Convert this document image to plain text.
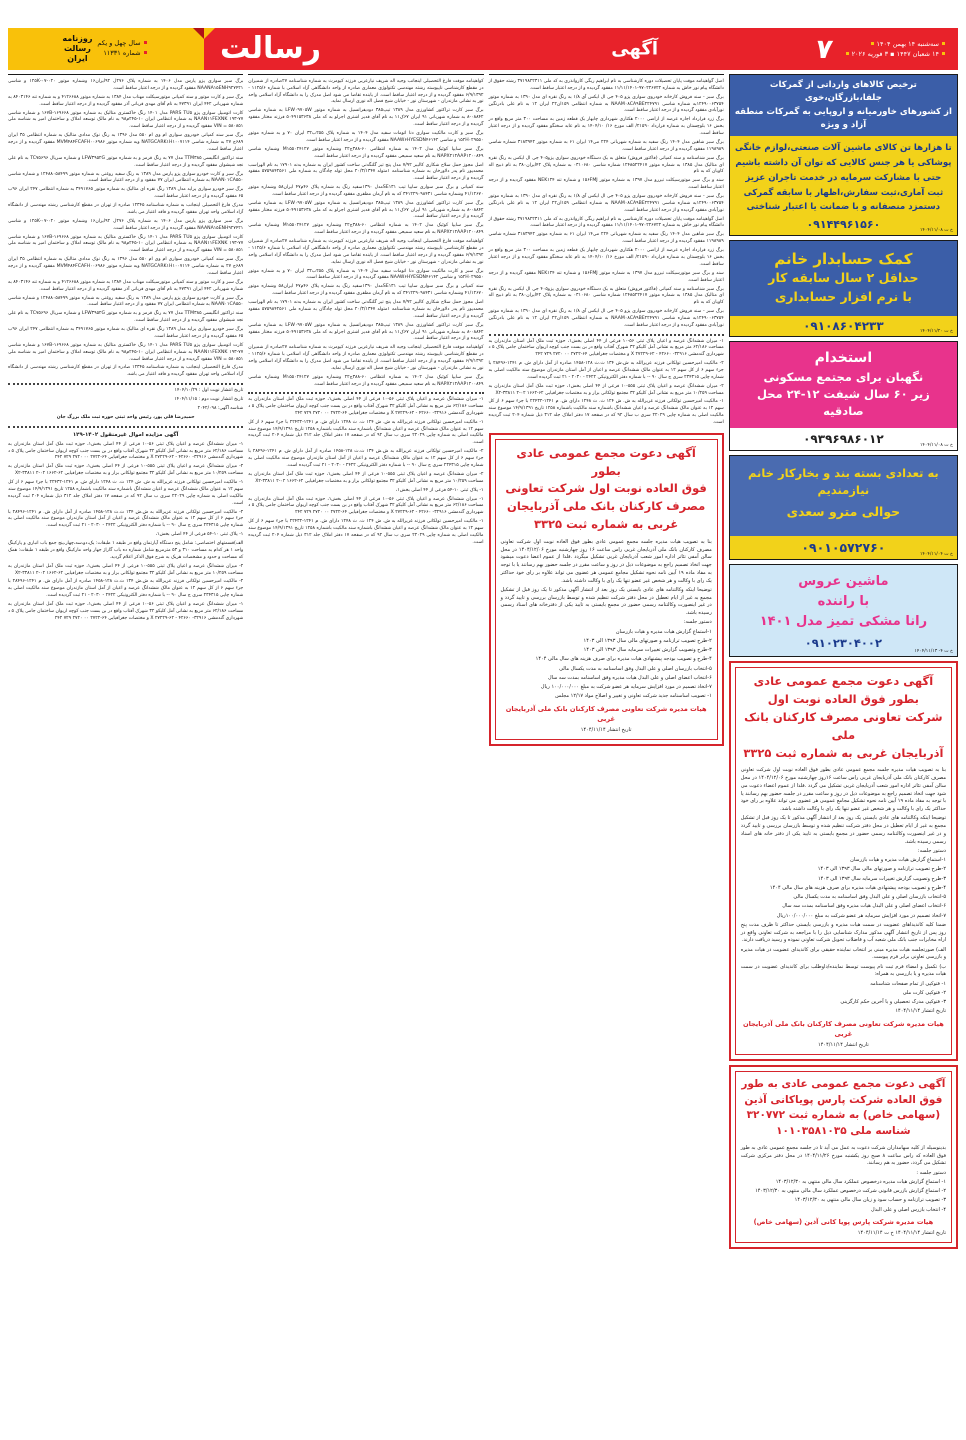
روزنامه
رسالت
ایران
سال چهل و یکم
شماره ۱۱۳۳۱	۷	سه‌شنبه ۱۴ بهمن ۱۴۰۴
۱۴ شعبان ۱۴۴۷ ▪ ۳ فوریه ۲۰۲۶
آگهی
رسالت
برگ سبز سواری پژو پارس مدل ۱۴۰۶ به شماره پلاک ۲۷۶ل ۹۲ایران۱۶ وشماره موتور ۰۲۰-۰۷-۱۲۵K و شاسی NAANA۱۵ENH۹۲۷۴۲۱ مفقود گردیده و از درجه اعتبار ساقط است.
برگ سبز و کارت موتور و سند کمپانی موتورسیکلت مهناب مدل ۱۳۸۴ به شماره موتور ۴۱۲۶۶۸۸ و به شماره تنه ۸۴۰۳۱۴۶ به شماره شهربانی ۴۴۲ ایران ۴۷۳۹۱ به نام آقای مهدی قربانی آذر مفقود گردیده و از درجه اعتبار ساقط است.
کارت اتومبیل سواری پژو PARS TU۵ مدل ۱۴۰۱ رنگ خاکستری متالیک به شماره موتور ۱۶۷B-۱۶۹۶۶۸ و شماره شاسی NAAN۱۱FEXNK ۱۹۳-۷۷ به شماره انتظامی ایران ۱۰-۲۴۵م۹۸ به نام مالک توسعه املاک و ساختمان امیر به شناسه ملی ۵۸۰۸۵۱ = VIN مفقود گردیده و از درجه اعتبار ساقط است.
برگ سبز سند کمپانی خودروی سواری ام وی ام ۵۵۰ مدل ۱۳۹۶ به رنگ نوک مدادی متالیک به شماره انتظامی ۳۵ ایران ۶۸۹ج ۲۷ به شماره شاسی NATGCARK۱H۱۰۰۷۱۱۴ وبه شماره موتور MVM۴۸۴FCAFH۰۰۶۹۸۶ مفقود گردیده و از درجه اعتبار ساقط است.
سند تراکتور انگلیسی TTM۳۸۵ مدل ۷۷ به رنگ قرمز و به شماره موتور LFW۳۹۵۲G و شماره سریال TC۷۵۶۹۶ به نام علی نجد شیشوان مفقود گردیده و از درجه اعتبار ساقط است.
برگ سبز و کارت خودرو سواری پژو پارس مدل ۱۳۸۹ به رنگ سفید روغنی به شماره موتور ۱۲۴۸۸۰۵۸۴۹۹ و شماره شاسی NAAN۰۱CA۵۵۰ به شماره انتظامی ایران ۷۷ مفقود و از درجه اعتبار ساقط است.
برگ سبز خودرو سواری پراید مدل ۱۳۸۹ رنگ نقره ای متالیک به شماره موتور ۳۴۹۱۷۶۵ به شماره انتظامی ۲۴۷ ایران ۹۶ب ۶۵ مفقود گردیده و از درجه اعتبار ساقط است.
مدرک فارغ التحصیلی اینجانب به شماره شناسنامه ۱۲۳۴۵ صادره از تهران در مقطع کارشناسی رشته مهندسی از دانشگاه آزاد اسلامی واحد تهران مفقود گردیده و فاقد اعتبار می باشد.
برگ سبز سواری پژو پارس مدل ۱۴۰۶ به شماره پلاک ۲۷۶ل ۹۲ایران۱۶ وشماره موتور ۰۲۰-۰۷-۱۲۵K و شاسی NAANA۱۵ENH۹۲۷۴۲۱ مفقود گردیده و از درجه اعتبار ساقط است.
کارت اتومبیل سواری پژو PARS TU۵ مدل ۱۴۰۱ رنگ خاکستری متالیک به شماره موتور ۱۶۷B-۱۶۹۶۶۸ و شماره شاسی NAAN۱۱FEXNK ۱۹۳-۷۷ به شماره انتظامی ایران ۱۰-۲۴۵م۹۸ به نام مالک توسعه املاک و ساختمان امیر به شناسه ملی ۵۸۰۸۵۱ = VIN مفقود گردیده و از درجه اعتبار ساقط است.
برگ سبز سند کمپانی خودروی سواری ام وی ام ۵۵۰ مدل ۱۳۹۶ به رنگ نوک مدادی متالیک به شماره انتظامی ۳۵ ایران ۶۸۹ج ۲۷ به شماره شاسی NATGCARK۱H۱۰۰۷۱۱۴ وبه شماره موتور MVM۴۸۴FCAFH۰۰۶۹۸۶ مفقود گردیده و از درجه اعتبار ساقط است.
برگ سبز و کارت موتور و سند کمپانی موتورسیکلت مهناب مدل ۱۳۸۴ به شماره موتور ۴۱۲۶۶۸۸ و به شماره تنه ۸۴۰۳۱۴۶ به شماره شهربانی ۴۴۲ ایران ۴۷۳۹۱ به نام آقای مهدی قربانی آذر مفقود گردیده و از درجه اعتبار ساقط است.
برگ سبز و کارت خودرو سواری پژو پارس مدل ۱۳۸۹ به رنگ سفید روغنی به شماره موتور ۱۲۴۸۸۰۵۸۴۹۹ و شماره شاسی NAAN۰۱CA۵۵۰ به شماره انتظامی ایران ۷۷ مفقود و از درجه اعتبار ساقط است.
سند تراکتور انگلیسی TTM۳۸۵ مدل ۷۷ به رنگ قرمز و به شماره موتور LFW۳۹۵۲G و شماره سریال TC۷۵۶۹۶ به نام علی نجد شیشوان مفقود گردیده و از درجه اعتبار ساقط است.
برگ سبز خودرو سواری پراید مدل ۱۳۸۹ رنگ نقره ای متالیک به شماره موتور ۳۴۹۱۷۶۵ به شماره انتظامی ۲۴۷ ایران ۹۶ب ۶۵ مفقود گردیده و از درجه اعتبار ساقط است.
کارت اتومبیل سواری پژو PARS TU۵ مدل ۱۴۰۱ رنگ خاکستری متالیک به شماره موتور ۱۶۷B-۱۶۹۶۶۸ و شماره شاسی NAAN۱۱FEXNK ۱۹۳-۷۷ به شماره انتظامی ایران ۱۰-۲۴۵م۹۸ به نام مالک توسعه املاک و ساختمان امیر به شناسه ملی ۵۸۰۸۵۱ = VIN مفقود گردیده و از درجه اعتبار ساقط است.
مدرک فارغ التحصیلی اینجانب به شماره شناسنامه ۱۲۳۴۵ صادره از تهران در مقطع کارشناسی رشته مهندسی از دانشگاه آزاد اسلامی واحد تهران مفقود گردیده و فاقد اعتبار می باشد.
تاریخ انتشار نوبت اول : ۱۴۰۴/۱۰/۲۹
تاریخ انتشار نوبت دوم : ۱۴۰۴/۱۱/۱۵
شناسه آگهی: ۲۰۴۲/۰۹۸
حمیدرضا قلی پور، رئیس واحد ثبتی حوزه ثبت ملک بزرگ جان
آگهی مزایده اموال غیرمنقول ۱۴۰۲-۱۲۹
۱- میزان ششدانگ عرصه و اعیان پلاک ثبتی ۵۶-۱۰ فرعی از ۴۴ اصلی بخش۱، حوزه ثبت ملک آمل استان مازندران به مساحت ۶۲/۱۸۶ متر مربع به نشانی آمل کلیکو ۳۲ شهرک آفتاب واقع در بن بست جنب کوچه اریوان ساختمان جامی پلاک ۵ د شهرداری گندمشی ۳۲۹۱۶- ۴۲۶۶۰ - ۶۲-۲۷۲۲۹ X و مختصات جغرافیایی ۶۴-۲۷۲۲ ۰۰ ۲۷۲۰ ۷۲۹ ۲۴۲
۲- میزان ششدانگ عرصه و اعیان پلاک ثبتی ۵۵۵-۱۰ فرعی از ۴۴ اصلی بخش۱، حوزه ثبت ملک آمل استان مازندران به مساحت ۱۰/۲۵۹ متر مربع به نشانی آمل کلیکو ۳۲ مجتمع تولکانی بزار و به مختصات جغرافیایی ۶۲-۱۶۶۲ X۲-۳۳۸۱۱ ۲-۰۲
۱- مالکیت امیرحسین تولکانی فرزند غزیرالله به ش. ش ۱۲۴ ث. ث ۱۲۴۸ دارای ش. م ۱۲۴۱-۲۲۴۳۲ با جزء سهم ۶ از کل سهم ۱۲ به عنوان مالک ششدانگ عرصه و اعیان ششدانگ باشماره سند مالکیت باشماره ۱۲۵۸ تاریخ ۱۴/۹/۱۳۹۱ موضوع سند مالکیت اصلی به شماره چاپی ۲۲۰۲۹ سری ب سال ۹۲ که در صفحه ۱۷ دفتر املاک جلد ۳۱۲ ذیل شماره ۲۰۴ ثبت گردیده است.
۲- مالکیت امیرحسین تولکانی فرزند عزیزالله به ش.ش ۱۳۴ ث.ث ۱۲۸-۱۴۵۸ صادره از آمل دارای ش. م ۱۲۴۱-۲۸۴۹۶ با جزء سهم ۶ از کل سهم ۱۲ به عنوان مالک ششدانگ عرصه و اعیان از آمل استان مازندران موضوع سند مالکیت اصلی به شماره چاپی ۲۳۴۳۱۵ سری ج سال ۹۰ -- با شماره دفتر الکترونیکی ۲۴۲۲ - ۲۰۳۰ - ۲۱ ثبت گردیده است.
۱- پلاک ثبتی ۱۰-۵۴ فرعی از ۴۴ اصلی بخش۱،
الف)قسمتهای اختصاصی: شامل پنج دستگاه آپارتمان واقع در طبقه ۱ طبقات: یک،دو،سه،چهار،پنج جمع باب انباری و پارکینگ واحد ۱ هر کدام به مساحت ۳۱۰ و ۵۳ مترمربع شامل شماره ده باب گاراژ جهار واحد مارکینگ واقع در طبقه ۱ طبقات: همک که مساحت و حدود و مشخصات هریک به شرح فوق الذکر اعلام گردید.
۲- میزان ششدانگ عرصه و اعیان پلاک ثبتی ۵۵۵-۱۰ فرعی از ۴۴ اصلی بخش۱، حوزه ثبت ملک آمل استان مازندران به مساحت ۱۰/۲۵۹ متر مربع به نشانی آمل کلیکو ۳۲ مجتمع تولکانی بزار و به مختصات جغرافیایی ۶۲-۱۶۶۲ X۲-۳۳۸۱۱ ۲-۰۲
۲- مالکیت امیرحسین تولکانی فرزند عزیزالله به ش.ش ۱۳۴ ث.ث ۱۲۸-۱۴۵۸ صادره از آمل دارای ش. م ۱۲۴۱-۲۸۴۹۶ با جزء سهم ۶ از کل سهم ۱۲ به عنوان مالک ششدانگ عرصه و اعیان از آمل استان مازندران موضوع سند مالکیت اصلی به شماره چاپی ۲۳۴۳۱۵ سری ج سال ۹۰ -- با شماره دفتر الکترونیکی ۲۴۲۲ - ۲۰۳۰ - ۲۱ ثبت گردیده است.
۱- میزان ششدانگ عرصه و اعیان پلاک ثبتی ۵۶-۱۰ فرعی از ۴۴ اصلی بخش۱، حوزه ثبت ملک آمل استان مازندران به مساحت ۶۲/۱۸۶ متر مربع به نشانی آمل کلیکو ۳۲ شهرک آفتاب واقع در بن بست جنب کوچه اریوان ساختمان جامی پلاک ۵ د شهرداری گندمشی ۳۲۹۱۶- ۴۲۶۶۰ - ۶۲-۲۷۲۲۹ X و مختصات جغرافیایی ۶۴-۲۷۲۲ ۰۰ ۲۷۲۰ ۷۲۹ ۲۴۲
کواهینامه موقت فارغ التحصیلی اینجانب وجیه اله شریف نیارعربی فرزند کیومرث به شماره شناسنامه ۲۷صادره از شمیران در مقطع کارشناسی ناپیوسته رشته مهندسی تکنولوژی معماری صادره از واحد دانشگاهی آزاد اسلامی با شماره ۱۱۲۵/۶ - ۶/۹/۱۳۹۲ مفقود گردیده و از درجه اعتبار ساقط است. از یابنده تقاضا می شود اصل مدرک را به دانشگاه آزاد اسلامی واحد نور به نشانی مازندران - شهرستان نور - خیابان شیخ فضل اله نوری ارسال نماید.
برگ سبز کارت تراکتور کشاورزی مدل ۱۳۸۹ تیپ۳۸۵ دودیفرانسیل به شماره موتور LFW۰۹۷۰۵W به شماره شاسی ۰۸۸۴۲-۸ به شماره شهربانی ۹۱ ایران ۶۷ک۱۱ به نام آقای قدیر اشتری اجرلو به کد ملی ۵۰۴۹۱۵۳۶۳۸ فرزند مختار مفقود گردیده و از درجه اعتبار ساقط است.
برگ سبز و کارت مالکیت سواری دنا اتومات سفید مدل ۱۴۰۴ به شماره پلاک ۲۵۵ب۳۲ ایران ۷۰ و به شماره موتور ۱۵۲H۰۲۹۵۵۰ و شاسی NAAW۶HYESDN۴۶۱۴۲ مفقود گردیده و از درجه اعتبار ساقط است.
برگ سبز سایپا کوئیک مدل ۱۴۰۲ به شماره انتظامی ۶۰-۳۸۸ج۲۲ وشماره موتور M۱۵۵۰۲۴۱۲۷ وشماره شاسی NAPX۲۱۲AAP۱۲۰۰۸۴۹ به نام سعید سمیعی مفقود گردیده و از درجه اعتبار ساقط است.
اصل مجوز حمل سلاح شکاری کالیبر ۷/۹۲ مدل پنج تیر گلنگدنی ساخت کشور ایران به شماره بدنه ۱۷۹۰۱ به نام الهراسب محمدپور نام پدر دلاورخان به شماره شناسنامه ۱متولد ۲۰/۳/۱۳۴۷ محل تولد چادگان به شماره ملی ۵۷۵۹۸۴۲۵۶۱ مفقود گردیده و از درجه اعتبار ساقط است.
سند کمپانی و برگ سبز سواری سایپا تیب SE۱۳۱مدل ۱۳۹۰سفید رنگ به شماره پلاک ۴۶م۴۷ ایران۵۸ وشماره موتور ۴۱/۱۲۶۷۰ وشماره شاسی ۳۴۱۲۲۹۰۹۸۴۳۱ که به نام آرمان مظفری مفقود گردیده و از درجه اعتبار ساقط است.
برگ سبز کارت تراکتور کشاورزی مدل ۱۳۸۹ تیپ۳۸۵ دودیفرانسیل به شماره موتور LFW۰۹۷۰۵W به شماره شاسی ۰۸۸۴۲-۸ به شماره شهربانی ۹۱ ایران ۶۷ک۱۱ به نام آقای قدیر اشتری اجرلو به کد ملی ۵۰۴۹۱۵۳۶۳۸ فرزند مختار مفقود گردیده و از درجه اعتبار ساقط است.
برگ سبز سایپا کوئیک مدل ۱۴۰۲ به شماره انتظامی ۶۰-۳۸۸ج۲۲ وشماره موتور M۱۵۵۰۲۴۱۲۷ وشماره شاسی NAPX۲۱۲AAP۱۲۰۰۸۴۹ به نام سعید سمیعی مفقود گردیده و از درجه اعتبار ساقط است.
کواهینامه موقت فارغ التحصیلی اینجانب وجیه اله شریف نیارعربی فرزند کیومرث به شماره شناسنامه ۲۷صادره از شمیران در مقطع کارشناسی ناپیوسته رشته مهندسی تکنولوژی معماری صادره از واحد دانشگاهی آزاد اسلامی با شماره ۱۱۲۵/۶ - ۶/۹/۱۳۹۲ مفقود گردیده و از درجه اعتبار ساقط است. از یابنده تقاضا می شود اصل مدرک را به دانشگاه آزاد اسلامی واحد نور به نشانی مازندران - شهرستان نور - خیابان شیخ فضل اله نوری ارسال نماید.
برگ سبز و کارت مالکیت سواری دنا اتومات سفید مدل ۱۴۰۴ به شماره پلاک ۲۵۵ب۳۲ ایران ۷۰ و به شماره موتور ۱۵۲H۰۲۹۵۵۰ و شاسی NAAW۶HYESDN۴۶۱۴۲ مفقود گردیده و از درجه اعتبار ساقط است.
سند کمپانی و برگ سبز سواری سایپا تیب SE۱۳۱مدل ۱۳۹۰سفید رنگ به شماره پلاک ۴۶م۴۷ ایران۵۸ وشماره موتور ۴۱/۱۲۶۷۰ وشماره شاسی ۳۴۱۲۲۹۰۹۸۴۳۱ که به نام آرمان مظفری مفقود گردیده و از درجه اعتبار ساقط است.
اصل مجوز حمل سلاح شکاری کالیبر ۷/۹۲ مدل پنج تیر گلنگدنی ساخت کشور ایران به شماره بدنه ۱۷۹۰۱ به نام الهراسب محمدپور نام پدر دلاورخان به شماره شناسنامه ۱متولد ۲۰/۳/۱۳۴۷ محل تولد چادگان به شماره ملی ۵۷۵۹۸۴۲۵۶۱ مفقود گردیده و از درجه اعتبار ساقط است.
برگ سبز کارت تراکتور کشاورزی مدل ۱۳۸۹ تیپ۳۸۵ دودیفرانسیل به شماره موتور LFW۰۹۷۰۵W به شماره شاسی ۰۸۸۴۲-۸ به شماره شهربانی ۹۱ ایران ۶۷ک۱۱ به نام آقای قدیر اشتری اجرلو به کد ملی ۵۰۴۹۱۵۳۶۳۸ فرزند مختار مفقود گردیده و از درجه اعتبار ساقط است.
کواهینامه موقت فارغ التحصیلی اینجانب وجیه اله شریف نیارعربی فرزند کیومرث به شماره شناسنامه ۲۷صادره از شمیران در مقطع کارشناسی ناپیوسته رشته مهندسی تکنولوژی معماری صادره از واحد دانشگاهی آزاد اسلامی با شماره ۱۱۲۵/۶ - ۶/۹/۱۳۹۲ مفقود گردیده و از درجه اعتبار ساقط است. از یابنده تقاضا می شود اصل مدرک را به دانشگاه آزاد اسلامی واحد نور به نشانی مازندران - شهرستان نور - خیابان شیخ فضل اله نوری ارسال نماید.
برگ سبز سایپا کوئیک مدل ۱۴۰۲ به شماره انتظامی ۶۰-۳۸۸ج۲۲ وشماره موتور M۱۵۵۰۲۴۱۲۷ وشماره شاسی NAPX۲۱۲AAP۱۲۰۰۸۴۹ به نام سعید سمیعی مفقود گردیده و از درجه اعتبار ساقط است.
۱- میزان ششدانگ عرصه و اعیان پلاک ثبتی ۵۶-۱۰ فرعی از ۴۴ اصلی بخش۱، حوزه ثبت ملک آمل استان مازندران به مساحت ۶۲/۱۸۶ متر مربع به نشانی آمل کلیکو ۳۲ شهرک آفتاب واقع در بن بست جنب کوچه اریوان ساختمان جامی پلاک ۵ د شهرداری گندمشی ۳۲۹۱۶- ۴۲۶۶۰ - ۶۲-۲۷۲۲۹ X و مختصات جغرافیایی ۶۴-۲۷۲۲ ۰۰ ۲۷۲۰ ۷۲۹ ۲۴۲
۱- مالکیت امیرحسین تولکانی فرزند غزیرالله به ش. ش ۱۲۴ ث. ث ۱۲۴۸ دارای ش. م ۱۲۴۱-۲۲۴۳۲ با جزء سهم ۶ از کل سهم ۱۲ به عنوان مالک ششدانگ عرصه و اعیان ششدانگ باشماره سند مالکیت باشماره ۱۲۵۸ تاریخ ۱۴/۹/۱۳۹۱ موضوع سند مالکیت اصلی به شماره چاپی ۲۲۰۲۹ سری ب سال ۹۲ که در صفحه ۱۷ دفتر املاک جلد ۳۱۲ ذیل شماره ۲۰۴ ثبت گردیده است.
۲- مالکیت امیرحسین تولکانی فرزند عزیزالله به ش.ش ۱۳۴ ث.ث ۱۲۸-۱۴۵۸ صادره از آمل دارای ش. م ۱۲۴۱-۲۸۴۹۶ با جزء سهم ۶ از کل سهم ۱۲ به عنوان مالک ششدانگ عرصه و اعیان از آمل استان مازندران موضوع سند مالکیت اصلی به شماره چاپی ۲۳۴۳۱۵ سری ج سال ۹۰ -- با شماره دفتر الکترونیکی ۲۴۲۲ - ۲۰۳۰ - ۲۱ ثبت گردیده است.
۲- میزان ششدانگ عرصه و اعیان پلاک ثبتی ۵۵۵-۱۰ فرعی از ۴۴ اصلی بخش۱، حوزه ثبت ملک آمل استان مازندران به مساحت ۱۰/۲۵۹ متر مربع به نشانی آمل کلیکو ۳۲ مجتمع تولکانی بزار و به مختصات جغرافیایی ۶۲-۱۶۶۲ X۲-۳۳۸۱۱ ۲-۰۲
۱- پلاک ثبتی ۱۰-۵۴ فرعی از ۴۴ اصلی بخش۱،
۱- میزان ششدانگ عرصه و اعیان پلاک ثبتی ۵۶-۱۰ فرعی از ۴۴ اصلی بخش۱، حوزه ثبت ملک آمل استان مازندران به مساحت ۶۲/۱۸۶ متر مربع به نشانی آمل کلیکو ۳۲ شهرک آفتاب واقع در بن بست جنب کوچه اریوان ساختمان جامی پلاک ۵ د شهرداری گندمشی ۳۲۹۱۶- ۴۲۶۶۰ - ۶۲-۲۷۲۲۹ X و مختصات جغرافیایی ۶۴-۲۷۲۲ ۰۰ ۲۷۲۰ ۷۲۹ ۲۴۲
۱- مالکیت امیرحسین تولکانی فرزند غزیرالله به ش. ش ۱۲۴ ث. ث ۱۲۴۸ دارای ش. م ۱۲۴۱-۲۲۴۳۲ با جزء سهم ۶ از کل سهم ۱۲ به عنوان مالک ششدانگ عرصه و اعیان ششدانگ باشماره سند مالکیت باشماره ۱۲۵۸ تاریخ ۱۴/۹/۱۳۹۱ موضوع سند مالکیت اصلی به شماره چاپی ۲۲۰۲۹ سری ب سال ۹۲ که در صفحه ۱۷ دفتر املاک جلد ۳۱۲ ذیل شماره ۲۰۴ ثبت گردیده است.
اصل گواهینامه موقت پایان تحصیلات دوره کارشناسی به نام ابراهیم ریگی کاروانذری به کد ملی ۳۷۱۹۸۲۲۳۱۱ رشته حقوق از دانشگاه پیام نور خاش به شماره ۹۷۰۲۲۶۷۲۲-۱۱/۱۱/۱۴۰۱ مفقود گردیده و از درجه اعتبار ساقط است.
برگ سبز - سند فروش کارخانه خودروی سواری پژو ۴۰۵ جی ال ایکس آی ۱/۸ به رنگ نقره ای مدل ۱۳۹۰ به شماره موتور ۱۲۴۹۰۰۶۳۷۵۴به شماره شاسی NAAM۰۸CA۹BE۲۲۴۷۹۱ به شماره انتظامی ۱۵۹ان۲۲ ایران ۱۲ به نام علی بادرنگین نورآبادی مفقود گردیده و از درجه اعتبار ساقط است.
برگ زرد قرارداد اجاره عرصه از اراضی ۲۰۰۰ هکتاری شهرداری چابهار یک قطعه زمین به مساحت ۳۰۰ متر مربع واقع در بخش ۱۶ بلوچستان به شماره قرارداد ۲۱۵۹۰/ الف مورخ ۱۶/ ۱۴۰۴/۱۰ به نام عابد سخنگو مفقود گردیده و از درجه اعتبار ساقط است.
برگ سبز شاهین مدل ۱۴۰۴ رنگ سفید به شماره شهربانی ۲۲۴ می۱۴ ایران ۶۱ به شماره موتور ۳۱۸۳۹۴۲ شماره شاسی ۱۱۹۸۹۸۹ مفقود گردیده و از درجه اعتبار ساقط است.
برگ سبز شناسنامه و سند کمپانی (فاکتور فروش) متعلق به یک دستگاه خودروی سواری پژو۴۰۵ جی ال ایکس به رنگ نقره ای متالیک مدل ۱۳۸۵ به شماره موتور ۱۲۴۸۵۲۲۴۱۷ شماره شاسی ۰۳۱۰۶۸۰ به شماره پلاک ۴۲ایران۳۸۰ به نام ذبیح اله کاویان که به نام
سند و برگ سبز موتورسیکلت تیزرو مدل ۱۳۹۷ به شماره موتور ۱۵۶FMJ و شماره تنه NEK۱۲۴ مفقود گردیده و از درجه اعتبار ساقط است.
برگ سبز - سند فروش کارخانه خودروی سواری پژو ۴۰۵ جی ال ایکس آی ۱/۸ به رنگ نقره ای مدل ۱۳۹۰ به شماره موتور ۱۲۴۹۰۰۶۳۷۵۴به شماره شاسی NAAM۰۸CA۹BE۲۲۴۷۹۱ به شماره انتظامی ۱۵۹ان۲۲ ایران ۱۲ به نام علی بادرنگین نورآبادی مفقود گردیده و از درجه اعتبار ساقط است.
اصل گواهینامه موقت پایان تحصیلات دوره کارشناسی به نام ابراهیم ریگی کاروانذری به کد ملی ۳۷۱۹۸۲۲۳۱۱ رشته حقوق از دانشگاه پیام نور خاش به شماره ۹۷۰۲۲۶۷۲۲-۱۱/۱۱/۱۴۰۱ مفقود گردیده و از درجه اعتبار ساقط است.
برگ سبز شاهین مدل ۱۴۰۴ رنگ سفید به شماره شهربانی ۲۲۴ می۱۴ ایران ۶۱ به شماره موتور ۳۱۸۳۹۴۲ شماره شاسی ۱۱۹۸۹۸۹ مفقود گردیده و از درجه اعتبار ساقط است.
برگ زرد قرارداد اجاره عرصه از اراضی ۲۰۰۰ هکتاری شهرداری چابهار یک قطعه زمین به مساحت ۳۰۰ متر مربع واقع در بخش ۱۶ بلوچستان به شماره قرارداد ۲۱۵۹۰/ الف مورخ ۱۶/ ۱۴۰۴/۱۰ به نام عابد سخنگو مفقود گردیده و از درجه اعتبار ساقط است.
سند و برگ سبز موتورسیکلت تیزرو مدل ۱۳۹۷ به شماره موتور ۱۵۶FMJ و شماره تنه NEK۱۲۴ مفقود گردیده و از درجه اعتبار ساقط است.
برگ سبز شناسنامه و سند کمپانی (فاکتور فروش) متعلق به یک دستگاه خودروی سواری پژو۴۰۵ جی ال ایکس به رنگ نقره ای متالیک مدل ۱۳۸۵ به شماره موتور ۱۲۴۸۵۲۲۴۱۷ شماره شاسی ۰۳۱۰۶۸۰ به شماره پلاک ۴۲ایران۳۸۰ به نام ذبیح اله کاویان که به نام
برگ سبز - سند فروش کارخانه خودروی سواری پژو ۴۰۵ جی ال ایکس آی ۱/۸ به رنگ نقره ای مدل ۱۳۹۰ به شماره موتور ۱۲۴۹۰۰۶۳۷۵۴به شماره شاسی NAAM۰۸CA۹BE۲۲۴۷۹۱ به شماره انتظامی ۱۵۹ان۲۲ ایران ۱۲ به نام علی بادرنگین نورآبادی مفقود گردیده و از درجه اعتبار ساقط است.
۱- میزان ششدانگ عرصه و اعیان پلاک ثبتی ۵۶-۱۰ فرعی از ۴۴ اصلی بخش۱، حوزه ثبت ملک آمل استان مازندران به مساحت ۶۲/۱۸۶ متر مربع به نشانی آمل کلیکو ۳۲ شهرک آفتاب واقع در بن بست جنب کوچه اریوان ساختمان جامی پلاک ۵ د شهرداری گندمشی ۳۲۹۱۶- ۴۲۶۶۰ - ۶۲-۲۷۲۲۹ X و مختصات جغرافیایی ۶۴-۲۷۲۲ ۰۰ ۲۷۲۰ ۷۲۹ ۲۴۲
۲- مالکیت امیرحسین تولکانی فرزند عزیزالله به ش.ش ۱۳۴ ث.ث ۱۲۸-۱۴۵۸ صادره از آمل دارای ش. م ۱۲۴۱-۲۸۴۹۶ با جزء سهم ۶ از کل سهم ۱۲ به عنوان مالک ششدانگ عرصه و اعیان از آمل استان مازندران موضوع سند مالکیت اصلی به شماره چاپی ۲۳۴۳۱۵ سری ج سال ۹۰ -- با شماره دفتر الکترونیکی ۲۴۲۲ - ۲۰۳۰ - ۲۱ ثبت گردیده است.
۲- میزان ششدانگ عرصه و اعیان پلاک ثبتی ۵۵۵-۱۰ فرعی از ۴۴ اصلی بخش۱، حوزه ثبت ملک آمل استان مازندران به مساحت ۱۰/۲۵۹ متر مربع به نشانی آمل کلیکو ۳۲ مجتمع تولکانی بزار و به مختصات جغرافیایی ۶۲-۱۶۶۲ X۲-۳۳۸۱۱ ۲-۰۲
۱- مالکیت امیرحسین تولکانی فرزند غزیرالله به ش. ش ۱۲۴ ث. ث ۱۲۴۸ دارای ش. م ۱۲۴۱-۲۲۴۳۲ با جزء سهم ۶ از کل سهم ۱۲ به عنوان مالک ششدانگ عرصه و اعیان ششدانگ باشماره سند مالکیت باشماره ۱۲۵۸ تاریخ ۱۴/۹/۱۳۹۱ موضوع سند مالکیت اصلی به شماره چاپی ۲۲۰۲۹ سری ب سال ۹۲ که در صفحه ۱۷ دفتر املاک جلد ۳۱۲ ذیل شماره ۲۰۴ ثبت گردیده است.
آگهی دعوت مجمع عمومی عادی بطور
فوق العاده نوبت اول شرکت تعاونی
مصرف کارکنان بانک ملی آذربایجان
غربی به شماره ثبت ۳۳۲۵

بنا به تصویب هیات مدیره جلسه مجمع عمومی عادی بطور فوق العاده نوبت اول شرکت تعاونی مصرف کارکنان بانک ملی آذربایجان غربی راس ساعت ۱۶ روز چهارشنبه مورخ ۱۴۰۴/۱۲/۰۶ در محل سالن آمفی تئاتر اداره امور شعب آذربایجان غربی تشکیل میگردد .فلذا از عموم اعضا دعوت میشود جهت اتخاذ تصمیم راجع به موضوعات ذیل در روز و ساعت مقرر در جلسه حضور بهم رسانند یا با توجه به مفاد ماده ۱۹ آیین نامه نحوه تشکیل مجامع عمومی هر عضوی می تواند علاوه بر رای خود حداکثر یک رای با وکالت و هر شخص غیر عضو تنها یک رای با وکالت داشته باشد.

توضیحا اینکه وکالتنامه های عادی بایستی یک روز بعد از انتشار آگهی مذکور تا یک روز قبل از تشکیل مجمع به غیر از ایام تعطیل در محل دفتر شرکت تنظیم شده و توسط بازرسان بررسی و تایید گردد و در غیر اینصورت وکالتنامه رسمی حضور در مجمع بایستی به تایید یکی از دفترخانه های اسناد رسمی رسیده باشد.

دستور جلسه:

۱-استماع گزارش هیات مدیره و هیات بازرسان

۲-طرح تصویب ترازنامه و صورتهای مالی سال ۱۳۹۳ الی ۱۴۰۳

۳-طرح وتصویب گزارش تغییرات سرمایه سال ۱۳۹۳ الی ۱۴۰۳

۴-طرح و تصویب بودجه پیشنهادی هیات مدیره برای صرف هزینه های سال مالی ۱۴۰۴

۵-انتخاب بازرسان اصلی و علی البدل وفق اساسنامه به مدت یکسال مالی

۶-انتخاب اعضای اصلی و علی البدل هیات مدیره وفق اساسنامه بمدت سه سال

۷-اتخاذ تصمیم در مورد افزایش سرمایه هر عضو شرکت به مبلغ ۱۰۰/۰۰۰/۰۰۰ ریال

۱- تصویب اساسنامه جدید شرکت تعاونی و تغییر و اصلاح مواد ۱۲/۱۷ مجلس

هیات مدیره شرکت تعاونی مصرف کارکنان بانک ملی آذربایجان غربی
تاریخ انتشار ۱۴۰۴/۱۱/۱۴
ترخیص کالاهای وارداتی از گمرکات جلفا،بازرگان،خوی
از کشورهای خاورمیانه و اروپایی به گمرکات منطقه آزاد و ویژه
تا هزارها تن کالای ماشین آلات صنعتی،لوازم خانگی
پوشاکی یا هر جنس کالایی که توان آن داشته باشیم
حتی با مشارکت سرمایه در خدمت تاجران عزیز
ثبت آماری،ثبت سفارش،اظهار با سابقه گمرکی
دستمزد منصفانه و با ضمانت یا اعتبار شناختی
۰۹۱۴۴۹۶۱۵۶۰	خ ت ۱۴۰۴/۱۱/۰۸
کمک حسابدار خانم
حداقل ۲ سال سابقه کار
با نرم افزار حسابداری
۰۹۱۰۸۶۰۴۲۳۳	خ ت ۱۴۰۴/۱۱/۲۰
استخدام
نگهبان برای مجتمع مسکونی
زیر ۶۰ سال شیفت ۱۲-۲۴ محل صادقیه
۰۹۳۹۶۹۸۶۰۱۲	خ ت ۱۴۰۴/۱۱/۰۸
به تعدادی بسته بند و بخارکار خانم نیازمندیم
حوالی مترو سعدی
۰۹۰۱۰۵۷۲۷۶۰	خ ت ۱۴۰۴/۱۱/۰۴
ماشین عروس
با راننده
رانا مشکی تمیز مدل ۱۴۰۱
۰۹۱۰۲۳۰۴۰۰۲
خ ت ۴- ۱۴۰۴/۱۱/۱۳
آگهی دعوت مجمع عمومی عادی
بطور فوق العاده نوبت اول
شرکت تعاونی مصرف کارکنان بانک ملی
آذربایجان غربی به شماره ثبت ۳۳۲۵

بنا به تصویب هیات مدیره جلسه مجمع عمومی عادی بطور فوق العاده نوبت اول شرکت تعاونی مصرف کارکنان بانک ملی آذربایجان غربی راس ساعت ۱۶روز چهارشنبه مورخ ۱۴۰۴/۱۲/۰۶ در محل سالن آمفی تئاتر اداره امور شعب آذربایجان غربی تشکیل می گردد .فلذا از عموم اعضاء دعوت می شود جهت اتخاذ تصمیم راجع به موضوعات ذیل در روز و ساعت مقرر در جلسه حضور بهم رسانند یا با توجه به مفاد ماده ۱۹ آیین نامه نحوه تشکیل مجامع عمومی هر عضوی می تواند علاوه بر رای خود حداکثر یک رای با وکالت و هر شخص غیر عضو تنها یک رای با وکالت داشته باشد.

توضیحا اینکه وکالتنامه های عادی بایستی یک روز بعد از انتشار آگهی مذکور تا یک روز قبل از تشکیل مجمع به غیر از ایام تعطیل در محل دفتر شرکت تنظیم شده و توسط بازرسان بررسی و تایید گردد و در غیر اینصورت وکالتنامه رسمی حضور در مجمع بایستی به تایید یکی از دفتر خانه های اسناد رسمی رسیده باشد.

دستور جلسه:

۱-استماع گزارش هیات مدیره و هیات بازرسان

۲-طرح تصویب ترازنامه و صورتهای مالی سال ۱۳۹۳ الی ۱۴۰۳

۳-طرح وتصویب گزارش تغییرات سرمایه سال ۱۳۹۳ الی ۱۴۰۳

۴-طرح و تصویب بودجه پیشنهادی هیات مدیره برای صرف هزینه های سال مالی ۱۴۰۴

۵-انتخاب بازرسان اصلی و علی البدل وفق اساسنامه به مدت یکسال مالی

۶-انتخاب اعضای اصلی و علی البدل هیات مدیره وفق اساسنامه بمدت سه سال

۷-اتخاذ تصمیم در مورد افزایش سرمایه هر عضو شرکت به مبلغ ۱۰۰/۰۰۰/۰۰۰ریال

ضمنا کلیه کاندیداهای عضویت در سمت هیات مدیره و بازرسی بایستی حداکثر تا ظرف مدت پنج روز پس از تاریخ انتشار آگهی مذکور مدارک شناسایی ذیل را با مراجعه به شرکت تعاونی واقع در اراه مخابرات جنب بانک ملی شعبه آب و فاضلاب تحویل شرکت تعاونی نموده و رسید دریافت دارند.

الف) صورتجلسه هیات مدیره مبنی بر انتخاب نماینده حقیقی برای کاندیدای عضویت در هیات مدیره و بازرسی تعاونی برابر فرم پیوست.

ب) تکمیل و امضاء فرم ثبت نام پیوست توسط نماینده/داوطلب برای کاندیدای عضویت در سمت هیات مدیره و یا بازرسی به همراه:

۱- فتوکپی از تمام صفحات شناسنامه

۲- فتوکپی کارت ملی

۳- فتوکپی مدرک تحصیلی و یا آخرین حکم کارگزینی

تاریخ انتشار ۱۴۰۴/۱۱/۱۴

هیات مدیره شرکت تعاونی مصرف کارکنان بانک ملی آذربایجان غربی
تاریخ انتشار ۱۴۰۴/۱۱/۱۴
آگهی دعوت مجمع عمومی عادی به طور
فوق العاده شرکت پارس پویاکانی آذین
(سهامی خاص) به شماره ثبت ۳۲۰۷۷۲
شناسه ملی ۱۰۱۰۳۵۸۱۰۳۵

بدینوسیله از کلیه سهامداران شرکت دعوت به عمل می آید تا در جلسه مجمع عمومی عادی به طور فوق العاده که راس ساعت ۸ صبح روز یکشنبه مورخ ۱۴۰۴/۱۱/۲۶ در محل دفتر مرکزی شرکت تشکیل می گردد، حضور به هم رسانند.

دستور جلسه :

۱- استماع گزارش هیات مدیره درخصوص عملکرد سال مالی منتهی به ۱۴۰۳/۱۲/۳۰

۲- استماع گزارش بازرس قانونی شرکت درخصوص عملکرد سال مالی منتهی به ۱۴۰۳/۱۲/۳۰

۳- تصویب ترازنامه و حساب سود و زیان سال مالی منتهی به ۱۴۰۳/۱۲/۳۰

۴- انتخاب بازرس اصلی و علی البدل

هیات مدیره شرکت پارس پویا کانی آذین (سهامی خاص)
تاریخ انتشار ۱۴۰۴/۱۱/۱۴ خ ت ۱۴۰۴/۱۱/۱۴
